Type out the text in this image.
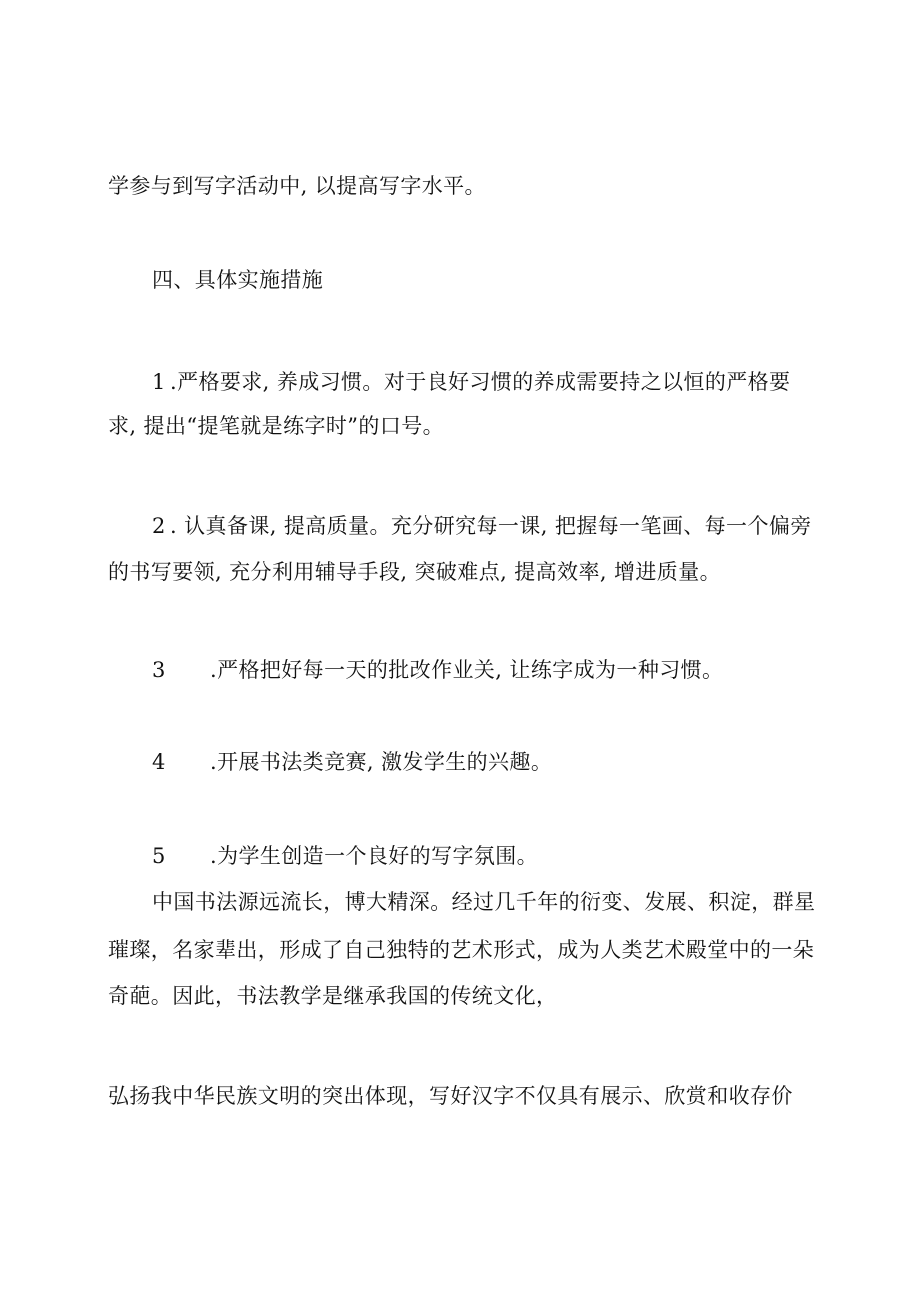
学参与到写字活动中, 以提高写字水平。
四、具体实施措施
1 .严格要求, 养成习惯。对于良好习惯的养成需要持之以恒的严格要
求, 提出“提笔就是练字时”的口号。
2 . 认真备课, 提高质量。充分研究每一课, 把握每一笔画、每一个偏旁
的书写要领, 充分利用辅导手段, 突破难点, 提高效率, 增进质量。
3 .严格把好每一天的批改作业关, 让练字成为一种习惯。
4 .开展书法类竞赛, 激发学生的兴趣。
5 .为学生创造一个良好的写字氛围。
中国书法源远流长，博大精深。经过几千年的衍变、发展、积淀，群星
璀璨，名家辈出，形成了自己独特的艺术形式，成为人类艺术殿堂中的一朵
奇葩。因此，书法教学是继承我国的传统文化，
弘扬我中华民族文明的突出体现，写好汉字不仅具有展示、欣赏和收存价
